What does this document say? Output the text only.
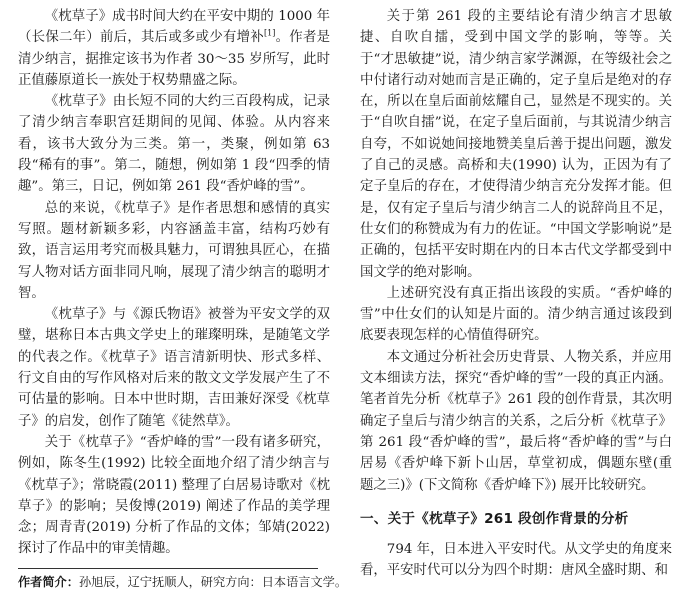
《枕草子》成书时间大约在平安中期的 1000 年（长保二年）前后，其后或多或少有增补[1]。作者是清少纳言，据推定该书为作者 30～35 岁所写，此时正值藤原道长一族处于权势鼎盛之际。

《枕草子》由长短不同的大约三百段构成，记录了清少纳言奉职宫廷期间的见闻、体验。从内容来看，该书大致分为三类。第一，类聚，例如第 63 段“稀有的事”。第二，随想，例如第 1 段“四季的情趣”。第三，日记，例如第 261 段“香炉峰的雪”。

总的来说，《枕草子》是作者思想和感情的真实写照。题材新颖多彩，内容涵盖丰富，结构巧妙有致，语言运用考究而极具魅力，可谓独具匠心，在描写人物对话方面非同凡响，展现了清少纳言的聪明才智。

《枕草子》与《源氏物语》被誉为平安文学的双璧，堪称日本古典文学史上的璀璨明珠，是随笔文学的代表之作。《枕草子》语言清新明快、形式多样、行文自由的写作风格对后来的散文文学发展产生了不可估量的影响。日本中世时期，吉田兼好深受《枕草子》的启发，创作了随笔《徒然草》。

关于《枕草子》“香炉峰的雪”一段有诸多研究，例如，陈冬生(1992) 比较全面地介绍了清少纳言与《枕草子》；常晓霞(2011) 整理了白居易诗歌对《枕草子》的影响；吴俊博(2019) 阐述了作品的美学理念；周青青(2019) 分析了作品的文体；邹婧(2022) 探讨了作品中的审美情趣。

关于第 261 段的主要结论有清少纳言才思敏捷、自吹自擂，受到中国文学的影响，等等。关于“才思敏捷”说，清少纳言家学渊源，在等级社会之中付诸行动对她而言是正确的，定子皇后是绝对的存在，所以在皇后面前炫耀自己，显然是不现实的。关于“自吹自擂”说，在定子皇后面前，与其说清少纳言自夸，不如说她间接地赞美皇后善于提出问题，激发了自己的灵感。高桥和夫(1990) 认为，正因为有了定子皇后的存在，才使得清少纳言充分发挥才能。但是，仅有定子皇后与清少纳言二人的说辞尚且不足，仕女们的称赞成为有力的佐证。“中国文学影响说”是正确的，包括平安时期在内的日本古代文学都受到中国文学的绝对影响。

上述研究没有真正指出该段的实质。“香炉峰的雪”中仕女们的认知是片面的。清少纳言通过该段到底要表现怎样的心情值得研究。

本文通过分析社会历史背景、人物关系，并应用文本细读方法，探究“香炉峰的雪”一段的真正内涵。笔者首先分析《枕草子》261 段的创作背景，其次明确定子皇后与清少纳言的关系，之后分析《枕草子》第 261 段“香炉峰的雪”，最后将“香炉峰的雪”与白居易《香炉峰下新卜山居，草堂初成，偶题东壁(重题之三)》(下文简称《香炉峰下》) 展开比较研究。

一、关于《枕草子》261 段创作背景的分析

794 年，日本进入平安时代。从文学史的角度来看，平安时代可以分为四个时期：唐风全盛时期、和

作者简介：孙旭辰，辽宁抚顺人，研究方向：日本语言文学。
